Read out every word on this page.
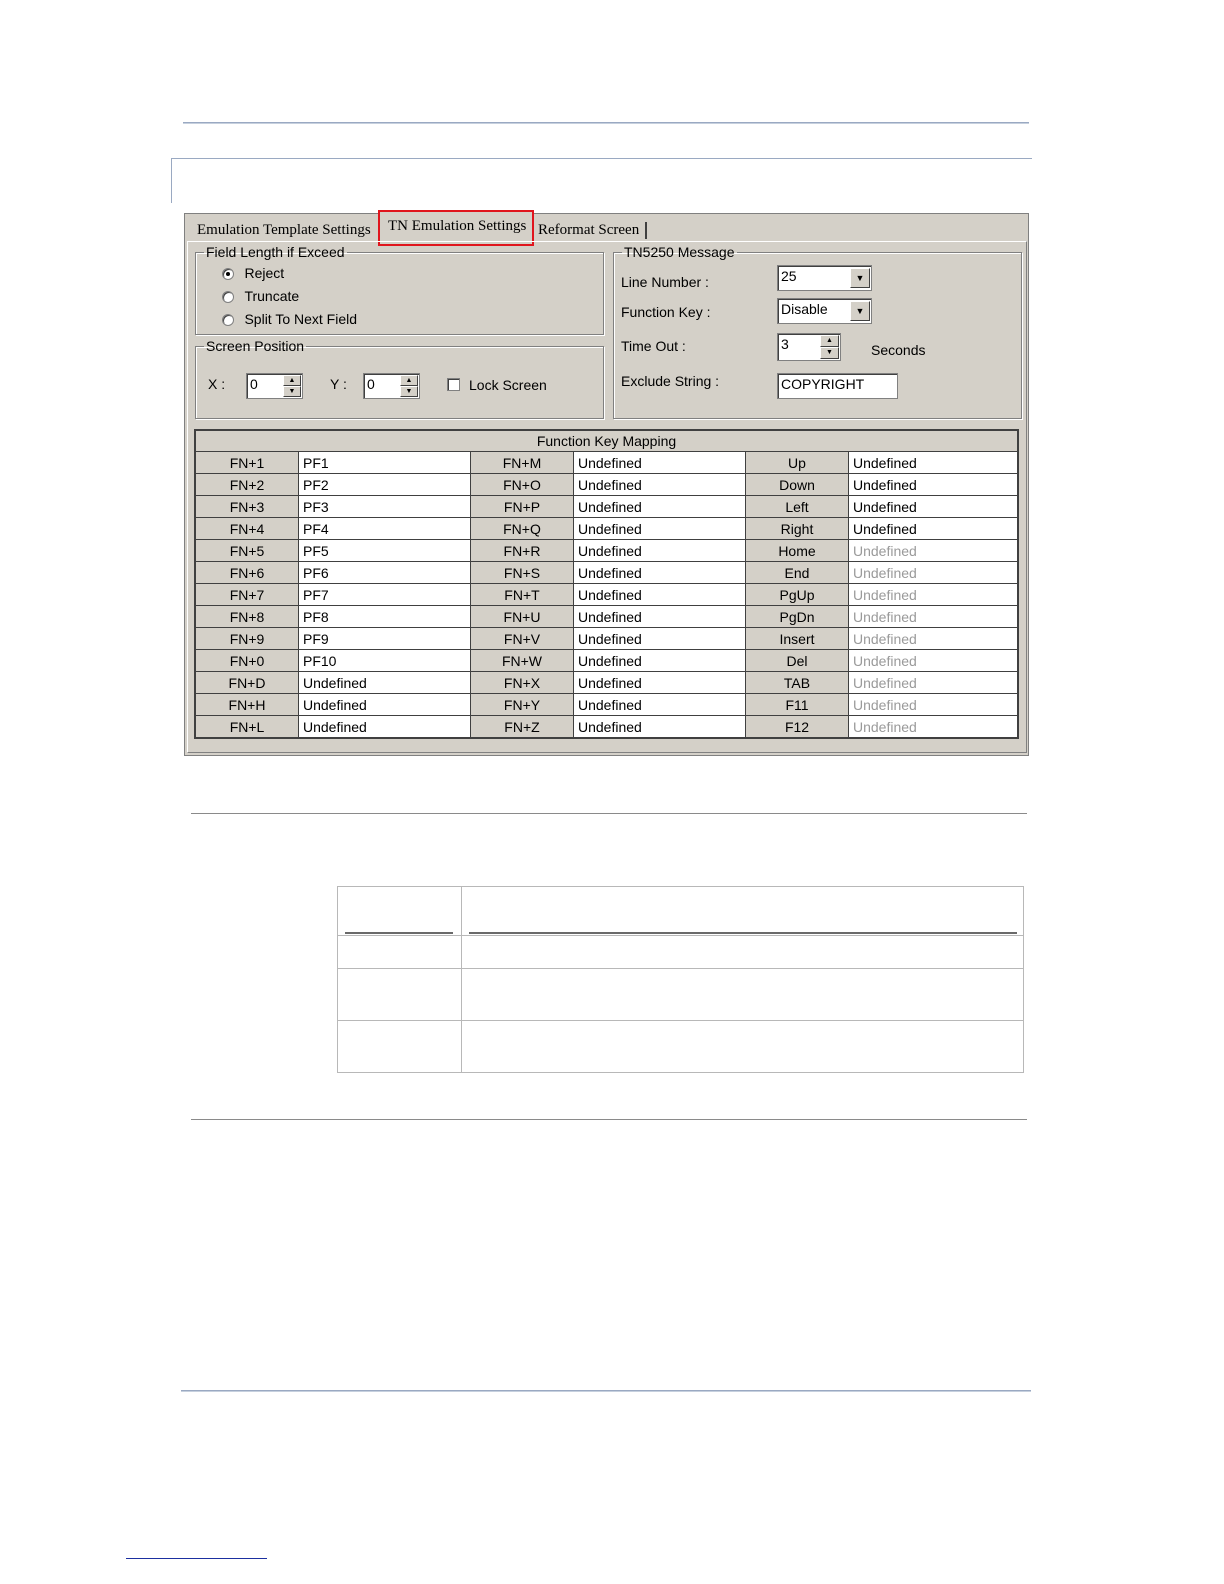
Emulation Template Settings	TN Emulation Settings Reformat Screen
Field Length if Exceed
Reject
Truncate
Split To Next Field
Screen Position
X : 0	▲
▼	Y : 0	▲
▼	Lock Screen
TN5250 Message
Line Number :	25	▼
Function Key :	Disable	▼
Time Out :	3	▲
▼	Seconds
Exclude String :	COPYRIGHT
Function Key Mapping					
FN+1	PF1	FN+M	Undefined	Up	Undefined
FN+2	PF2	FN+O	Undefined	Down	Undefined
FN+3	PF3	FN+P	Undefined	Left	Undefined
FN+4	PF4	FN+Q	Undefined	Right	Undefined
FN+5	PF5	FN+R	Undefined	Home	Undefined
FN+6	PF6	FN+S	Undefined	End	Undefined
FN+7	PF7	FN+T	Undefined	PgUp	Undefined
FN+8	PF8	FN+U	Undefined	PgDn	Undefined
FN+9	PF9	FN+V	Undefined	Insert	Undefined
FN+0	PF10	FN+W	Undefined	Del	Undefined
FN+D	Undefined	FN+X	Undefined	TAB	Undefined
FN+H	Undefined	FN+Y	Undefined	F11	Undefined
FN+L	Undefined	FN+Z	Undefined	F12	Undefined
